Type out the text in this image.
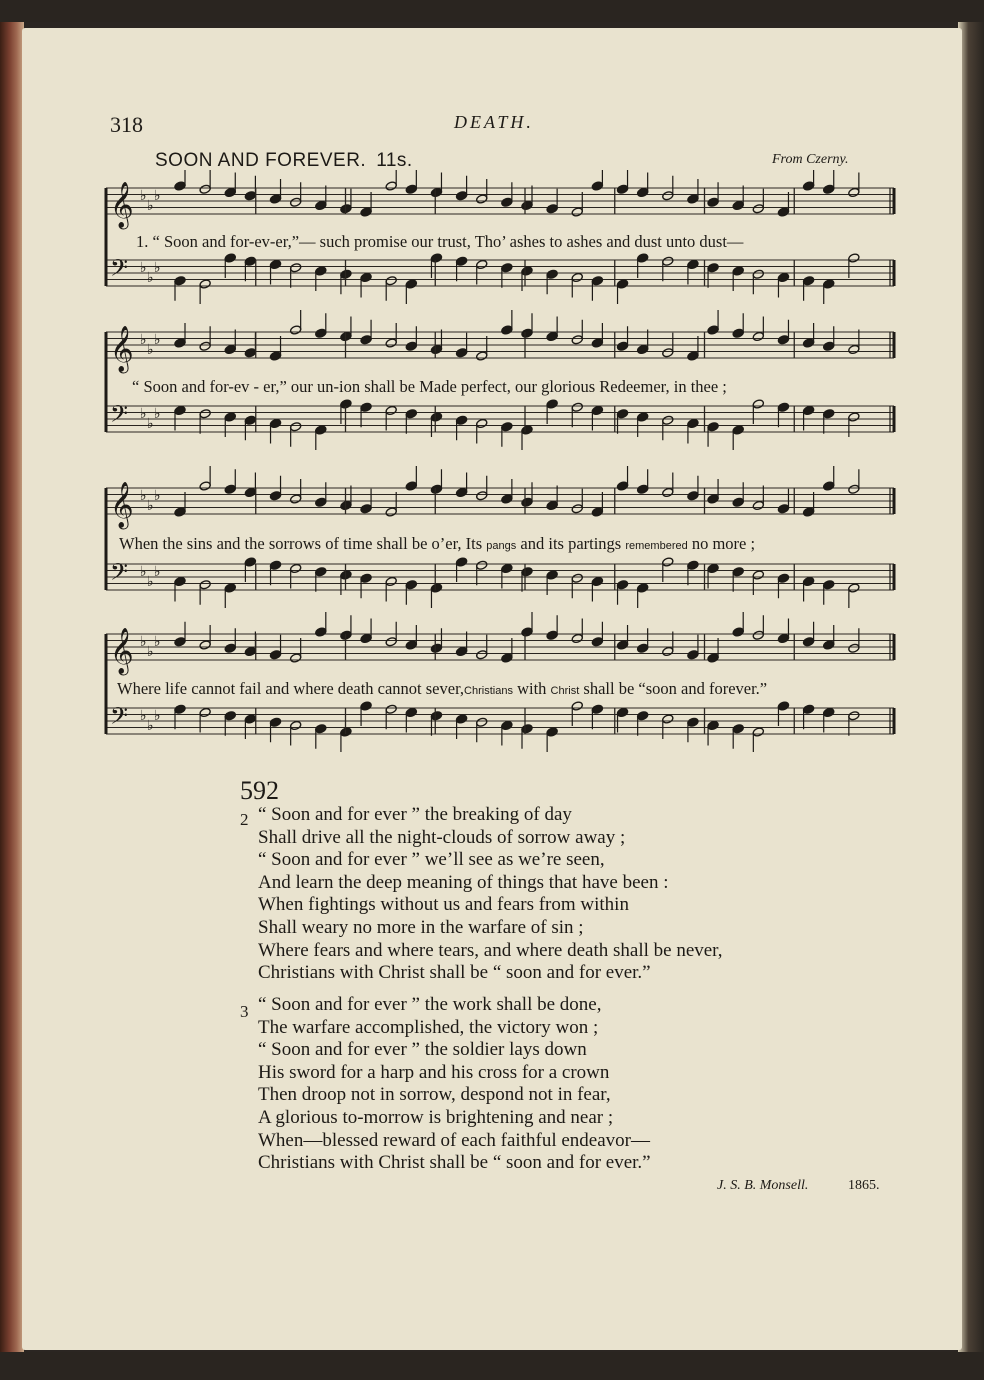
318	DEATH.
SOON AND FOREVER. 11s.	From Czerny.
𝄞 ♭
♭
♭
𝄢 ♭
♭
♭
𝄞 ♭
♭
♭
𝄢 ♭
♭
♭
𝄞 ♭
♭
♭
𝄢 ♭
♭
♭
𝄞 ♭
♭
♭
𝄢 ♭
♭
♭
1. “ Soon and for-ev-er,”— such promise our trust, Tho’ ashes to ashes and dust unto dust—
“ Soon and for-ev - er,” our un-ion shall be Made perfect, our glorious Redeemer, in thee ;
When the sins and the sorrows of time shall be o’er, Its pangs and its partings remembered no more ;
Where life cannot fail and where death cannot sever,Christians with Christ shall be “soon and forever.”
592
2 “ Soon and for ever ” the breaking of day
Shall drive all the night-clouds of sorrow away ;
“ Soon and for ever ” we’ll see as we’re seen,
And learn the deep meaning of things that have been :
When fightings without us and fears from within
Shall weary no more in the warfare of sin ;
Where fears and where tears, and where death shall be never,
Christians with Christ shall be “ soon and for ever.”
3 “ Soon and for ever ” the work shall be done,
The warfare accomplished, the victory won ;
“ Soon and for ever ” the soldier lays down
His sword for a harp and his cross for a crown
Then droop not in sorrow, despond not in fear,
A glorious to-morrow is brightening and near ;
When—blessed reward of each faithful endeavor—
Christians with Christ shall be “ soon and for ever.”
J. S. B. Monsell.	1865.
